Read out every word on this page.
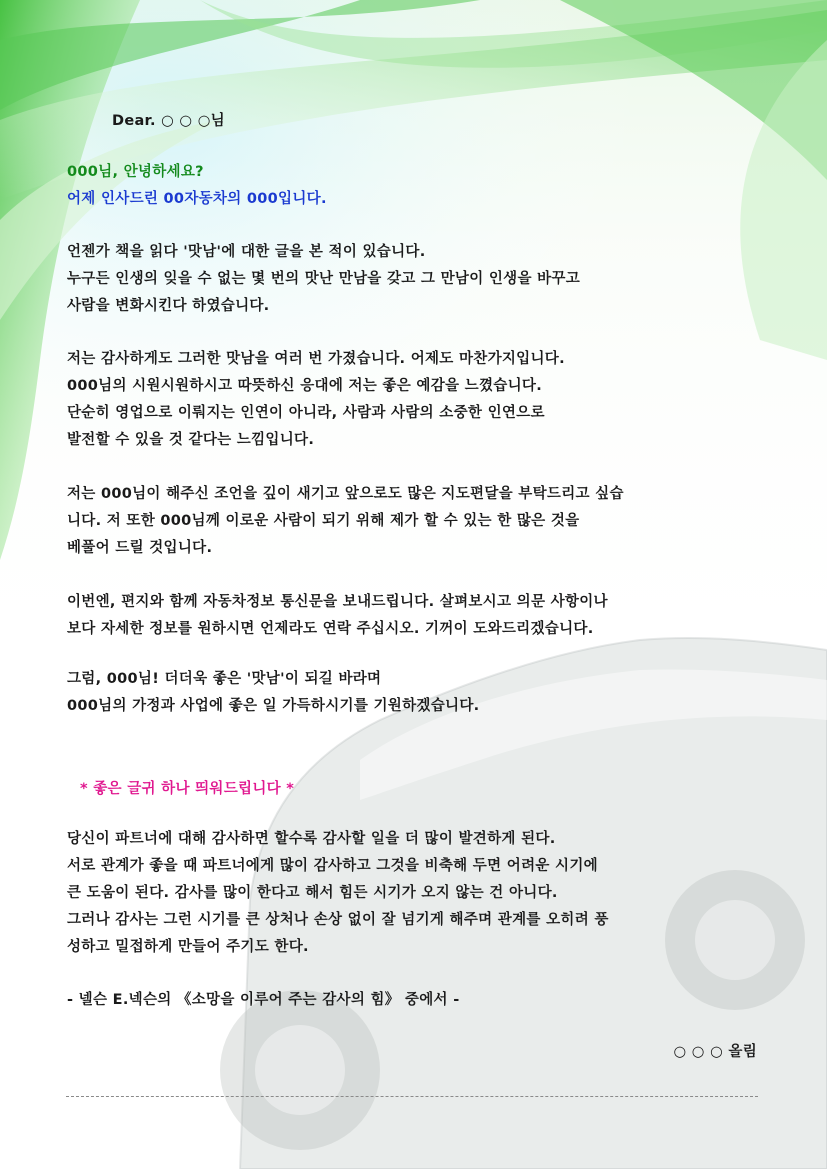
Dear. ○ ○ ○님
000님, 안녕하세요?
어제 인사드린 00자동차의 000입니다.
언젠가 책을 읽다 '맛남'에 대한 글을 본 적이 있습니다.
누구든 인생의 잊을 수 없는 몇 번의 맛난 만남을 갖고 그 만남이 인생을 바꾸고
사람을 변화시킨다 하였습니다.
저는 감사하게도 그러한 맛남을 여러 번 가졌습니다. 어제도 마찬가지입니다.
000님의 시원시원하시고 따뜻하신 응대에 저는 좋은 예감을 느꼈습니다.
단순히 영업으로 이뤄지는 인연이 아니라, 사람과 사람의 소중한 인연으로
발전할 수 있을 것 같다는 느낌입니다.
저는 000님이 해주신 조언을 깊이 새기고 앞으로도 많은 지도편달을 부탁드리고 싶습
니다. 저 또한 000님께 이로운 사람이 되기 위해 제가 할 수 있는 한 많은 것을
베풀어 드릴 것입니다.
이번엔, 편지와 함께 자동차정보 통신문을 보내드립니다. 살펴보시고 의문 사항이나
보다 자세한 정보를 원하시면 언제라도 연락 주십시오. 기꺼이 도와드리겠습니다.
그럼, 000님! 더더욱 좋은 '맛남'이 되길 바라며
000님의 가정과 사업에 좋은 일 가득하시기를 기원하겠습니다.
* 좋은 글귀 하나 띄워드립니다 *
당신이 파트너에 대해 감사하면 할수록 감사할 일을 더 많이 발견하게 된다.
서로 관계가 좋을 때 파트너에게 많이 감사하고 그것을 비축해 두면 어려운 시기에
큰 도움이 된다. 감사를 많이 한다고 해서 힘든 시기가 오지 않는 건 아니다.
그러나 감사는 그런 시기를 큰 상처나 손상 없이 잘 넘기게 해주며 관계를 오히려 풍
성하고 밀접하게 만들어 주기도 한다.
- 넬슨 E.넥슨의 《소망을 이루어 주는 감사의 힘》 중에서 -
○ ○ ○ 올림
